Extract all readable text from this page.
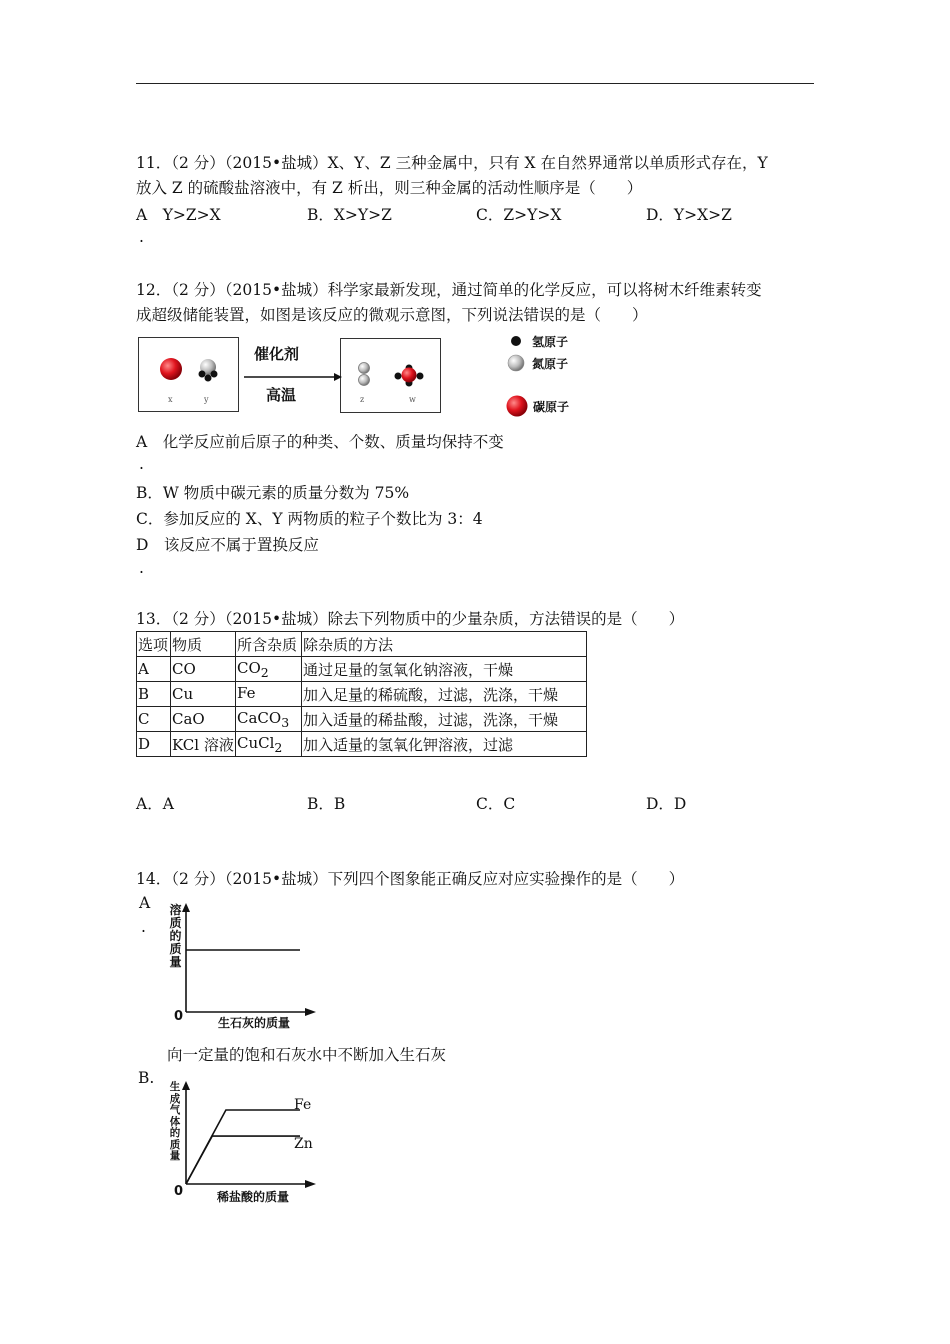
11．（2 分）（2015•盐城）X、Y、Z 三种金属中，只有 X 在自然界通常以单质形式存在，Y
放入 Z 的硫酸盐溶液中，有 Z 析出，则三种金属的活动性顺序是（　　）
A　Y>Z>X	B．X>Y>Z	C．Z>Y>X	D．Y>X>Z
.
12．（2 分）（2015•盐城）科学家最新发现，通过简单的化学反应，可以将树木纤维素转变
成超级储能装置，如图是该反应的微观示意图，下列说法错误的是（　　）
催化剂
高温
x	y	z	w
氢原子
氮原子
碳原子
A　化学反应前后原子的种类、个数、质量均保持不变
.
B．W 物质中碳元素的质量分数为 75%
C．参加反应的 X、Y 两物质的粒子个数比为 3：4
D　该反应不属于置换反应
.
13．（2 分）（2015•盐城）除去下列物质中的少量杂质，方法错误的是（　　）
选项	物质	所含杂质	除杂质的方法
A	CO	$CO_2$	通过足量的氢氧化钠溶液，干燥
B	Cu	Fe	加入足量的稀硫酸，过滤，洗涤，干燥
C	CaO	CaCO$_3$	加入适量的稀盐酸，过滤，洗涤，干燥
D	KCl 溶液	CuCl$_2$	加入适量的氢氧化钾溶液，过滤
A．A	B．B	C．C	D．D
14．（2 分）（2015•盐城）下列四个图象能正确反应对应实验操作的是（　　）
A
.
溶质的质量
0	生石灰的质量
向一定量的饱和石灰水中不断加入生石灰
B. 生成气体的质量
0	稀盐酸的质量
Fe
Zn
